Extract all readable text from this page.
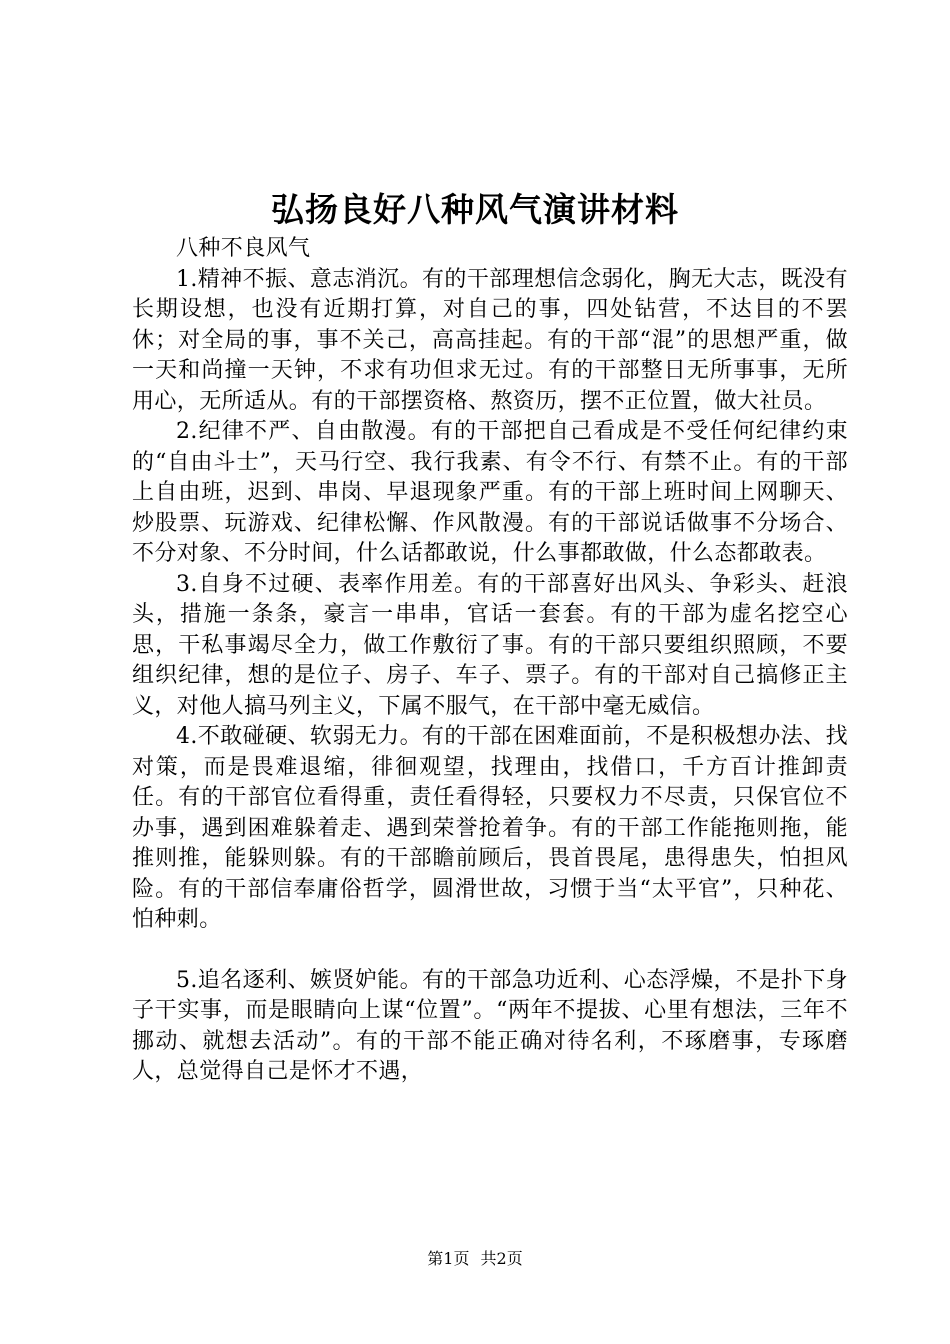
弘扬良好八种风气演讲材料

八种不良风气

1.精神不振、意志消沉。有的干部理想信念弱化，胸无大志，既没有长期设想，也没有近期打算，对自己的事，四处钻营，不达目的不罢休；对全局的事，事不关己，高高挂起。有的干部“混”的思想严重，做一天和尚撞一天钟，不求有功但求无过。有的干部整日无所事事，无所用心，无所适从。有的干部摆资格、熬资历，摆不正位置，做大社员。

2.纪律不严、自由散漫。有的干部把自己看成是不受任何纪律约束的“自由斗士”，天马行空、我行我素、有令不行、有禁不止。有的干部上自由班，迟到、串岗、早退现象严重。有的干部上班时间上网聊天、炒股票、玩游戏、纪律松懈、作风散漫。有的干部说话做事不分场合、不分对象、不分时间，什么话都敢说，什么事都敢做，什么态都敢表。

3.自身不过硬、表率作用差。有的干部喜好出风头、争彩头、赶浪头，措施一条条，豪言一串串，官话一套套。有的干部为虚名挖空心思，干私事竭尽全力，做工作敷衍了事。有的干部只要组织照顾，不要组织纪律，想的是位子、房子、车子、票子。有的干部对自己搞修正主义，对他人搞马列主义，下属不服气，在干部中毫无威信。

4.不敢碰硬、软弱无力。有的干部在困难面前，不是积极想办法、找对策，而是畏难退缩，徘徊观望，找理由，找借口，千方百计推卸责任。有的干部官位看得重，责任看得轻，只要权力不尽责，只保官位不办事，遇到困难躲着走、遇到荣誉抢着争。有的干部工作能拖则拖，能推则推，能躲则躲。有的干部瞻前顾后，畏首畏尾，患得患失，怕担风险。有的干部信奉庸俗哲学，圆滑世故，习惯于当“太平官”，只种花、怕种刺。

5.追名逐利、嫉贤妒能。有的干部急功近利、心态浮燥，不是扑下身子干实事，而是眼睛向上谋“位置”。“两年不提拔、心里有想法，三年不挪动、就想去活动”。有的干部不能正确对待名利，不琢磨事，专琢磨人，总觉得自己是怀才不遇，

第1页 共2页
